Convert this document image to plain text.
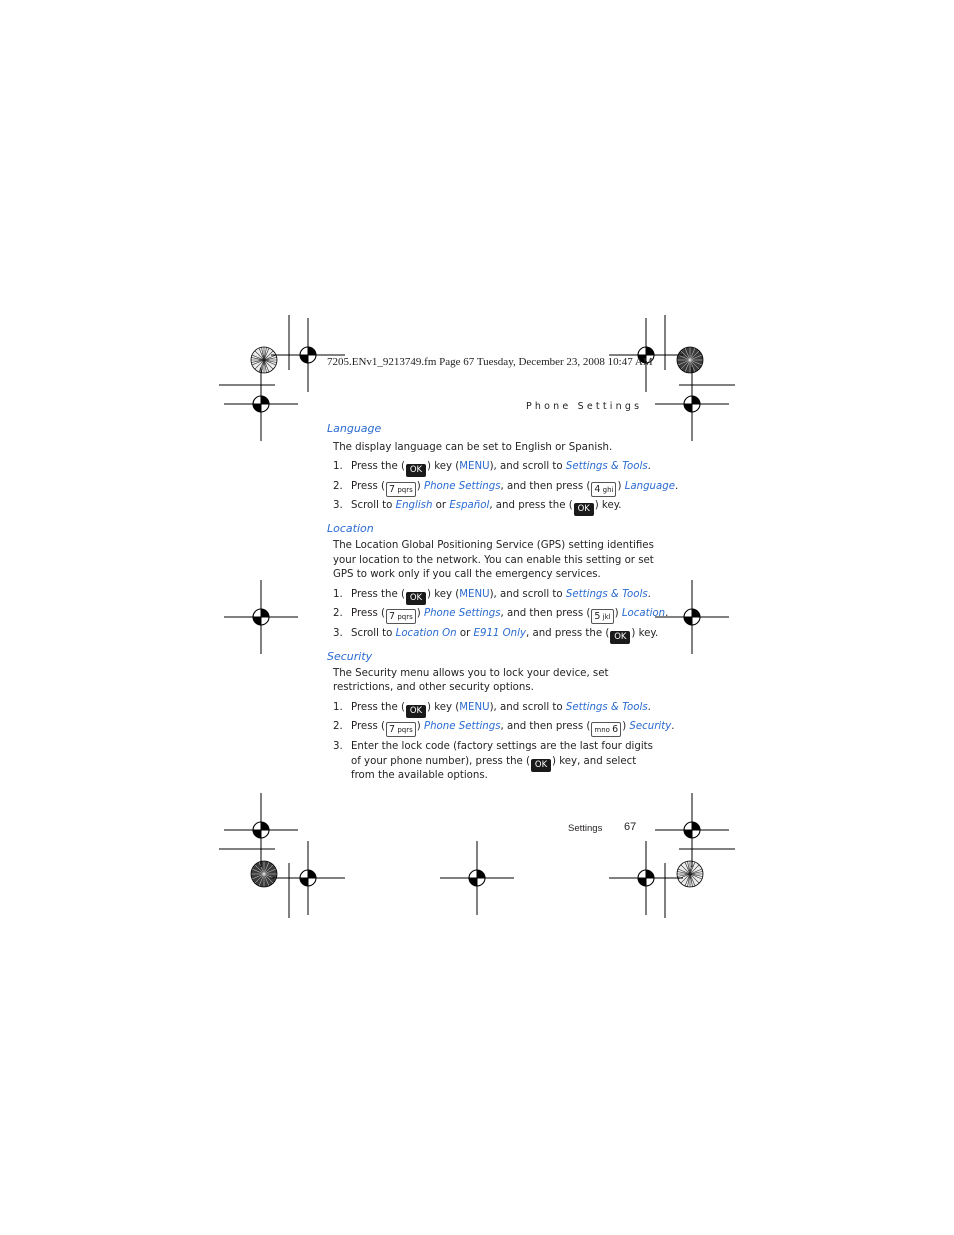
7205.ENv1_9213749.fm Page 67 Tuesday, December 23, 2008 10:47 AM
Phone Settings
Language
The display language can be set to English or Spanish.
1. Press the ( OK ) key (MENU), and scroll to Settings & Tools.
2. Press ( 7 pqrs ) Phone Settings, and then press ( 4 ghi ) Language.
3. Scroll to English or Español, and press the ( OK ) key.
Location
The Location Global Positioning Service (GPS) setting identifies
your location to the network. You can enable this setting or set
GPS to work only if you call the emergency services.
1. Press the ( OK ) key (MENU), and scroll to Settings & Tools.
2. Press ( 7 pqrs ) Phone Settings, and then press ( 5 jkl ) Location.
3. Scroll to Location On or E911 Only, and press the ( OK ) key.
Security
The Security menu allows you to lock your device, set
restrictions, and other security options.
1. Press the ( OK ) key (MENU), and scroll to Settings & Tools.
2. Press ( 7 pqrs ) Phone Settings, and then press ( mno 6 ) Security.
3. Enter the lock code (factory settings are the last four digits
of your phone number), press the ( OK ) key, and select
from the available options.
Settings 67
